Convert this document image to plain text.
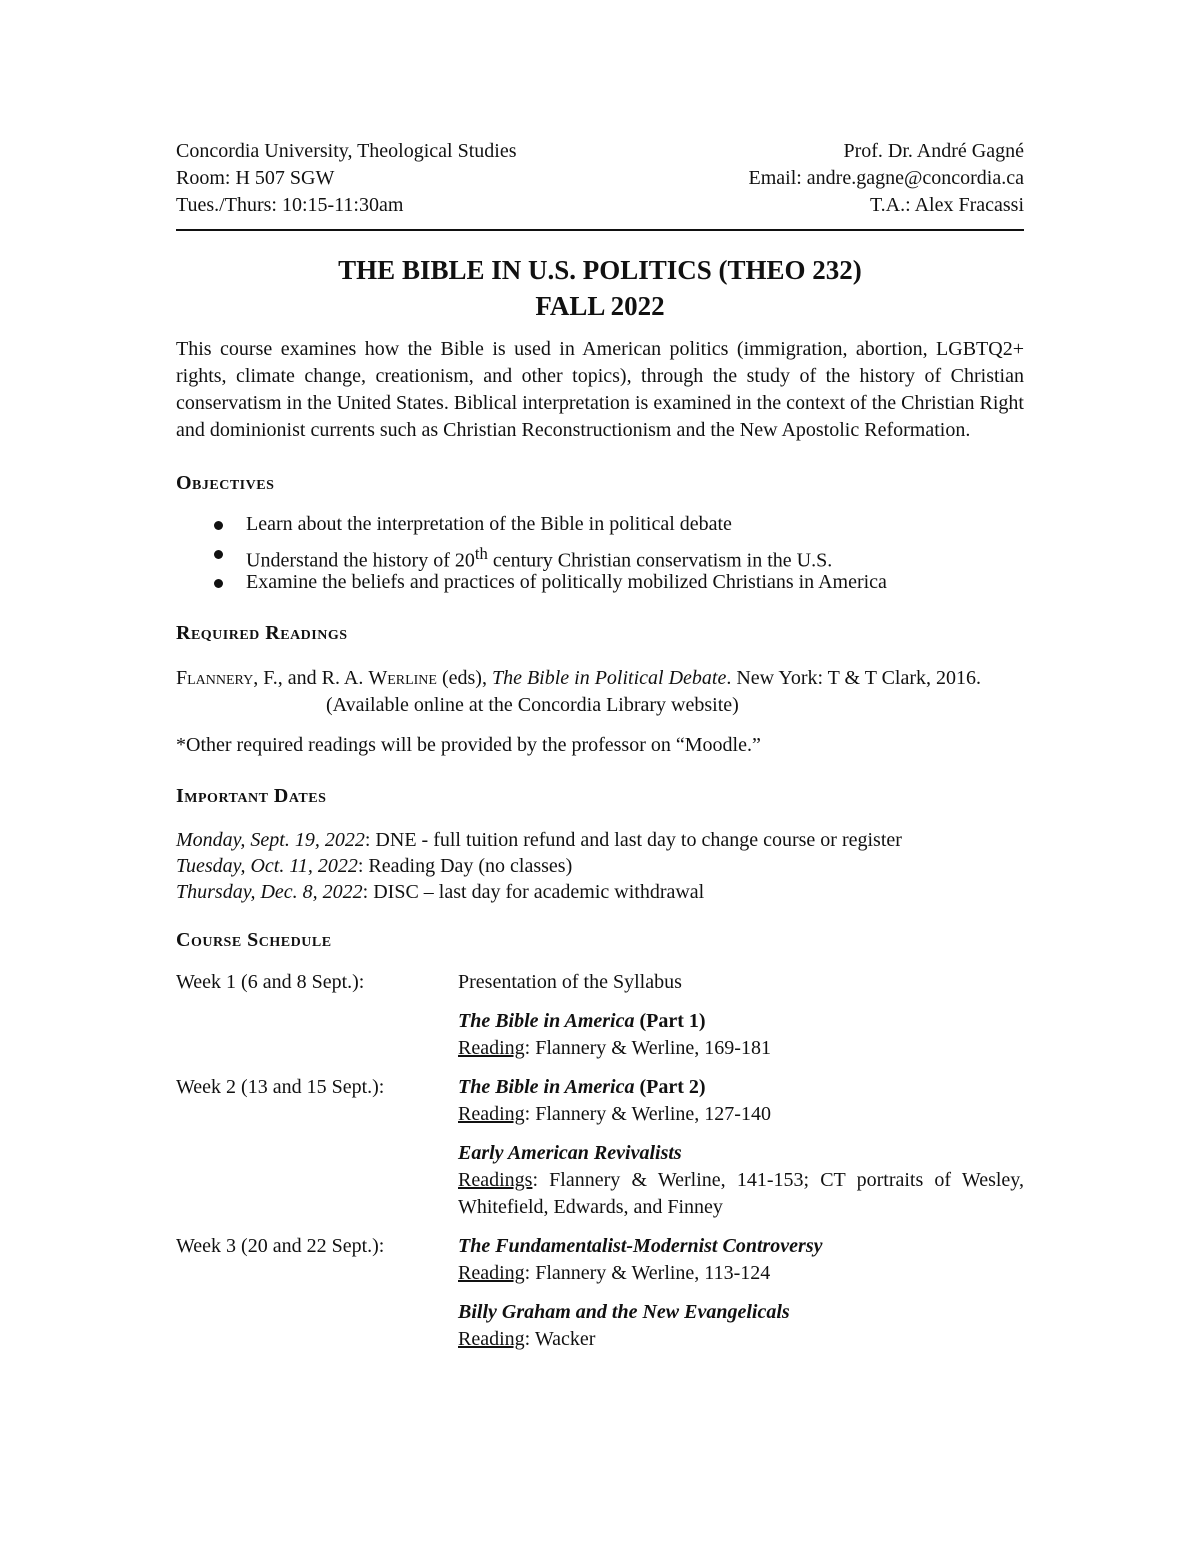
Concordia University, Theological Studies
Room: H 507 SGW
Tues./Thurs: 10:15-11:30am
Prof. Dr. André Gagné
Email: andre.gagne@concordia.ca
T.A.: Alex Fracassi
THE BIBLE IN U.S. POLITICS (THEO 232)
FALL 2022
This course examines how the Bible is used in American politics (immigration, abortion, LGBTQ2+ rights, climate change, creationism, and other topics), through the study of the history of Christian conservatism in the United States. Biblical interpretation is examined in the context of the Christian Right and dominionist currents such as Christian Reconstructionism and the New Apostolic Reformation.
Objectives
Learn about the interpretation of the Bible in political debate
Understand the history of 20th century Christian conservatism in the U.S.
Examine the beliefs and practices of politically mobilized Christians in America
Required Readings
Flannery, F., and R. A. Werline (eds), The Bible in Political Debate. New York: T & T Clark, 2016. (Available online at the Concordia Library website)
*Other required readings will be provided by the professor on “Moodle.”
Important Dates
Monday, Sept. 19, 2022: DNE - full tuition refund and last day to change course or register
Tuesday, Oct. 11, 2022: Reading Day (no classes)
Thursday, Dec. 8, 2022: DISC – last day for academic withdrawal
Course Schedule
Week 1 (6 and 8 Sept.):	Presentation of the Syllabus
The Bible in America (Part 1)
Reading: Flannery & Werline, 169-181
Week 2 (13 and 15 Sept.):	The Bible in America (Part 2)
Reading: Flannery & Werline, 127-140
Early American Revivalists
Readings: Flannery & Werline, 141-153; CT portraits of Wesley, Whitefield, Edwards, and Finney
Week 3 (20 and 22 Sept.):	The Fundamentalist-Modernist Controversy
Reading: Flannery & Werline, 113-124
Billy Graham and the New Evangelicals
Reading: Wacker
